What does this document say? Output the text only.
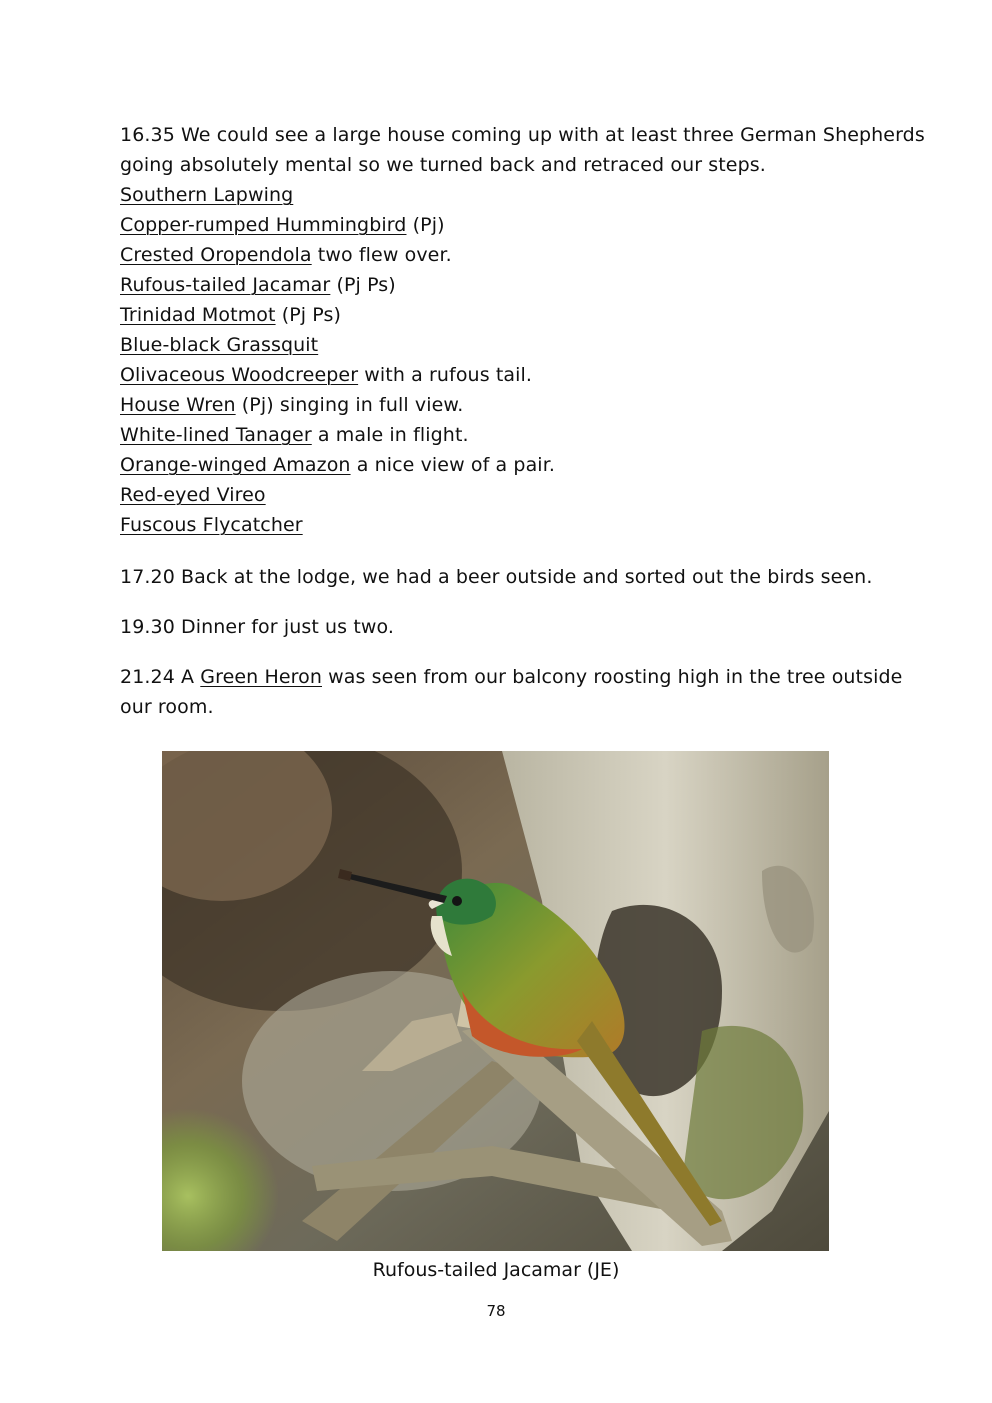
16.35 We could see a large house coming up with at least three German Shepherds
going absolutely mental so we turned back and retraced our steps.
Southern Lapwing
Copper-rumped Hummingbird (Pj)
Crested Oropendola two flew over.
Rufous-tailed Jacamar (Pj Ps)
Trinidad Motmot (Pj Ps)
Blue-black Grassquit
Olivaceous Woodcreeper with a rufous tail.
House Wren (Pj) singing in full view.
White-lined Tanager a male in flight.
Orange-winged Amazon a nice view of a pair.
Red-eyed Vireo
Fuscous Flycatcher
17.20 Back at the lodge, we had a beer outside and sorted out the birds seen.
19.30 Dinner for just us two.
21.24 A Green Heron was seen from our balcony roosting high in the tree outside
our room.
Rufous-tailed Jacamar (JE)
78
